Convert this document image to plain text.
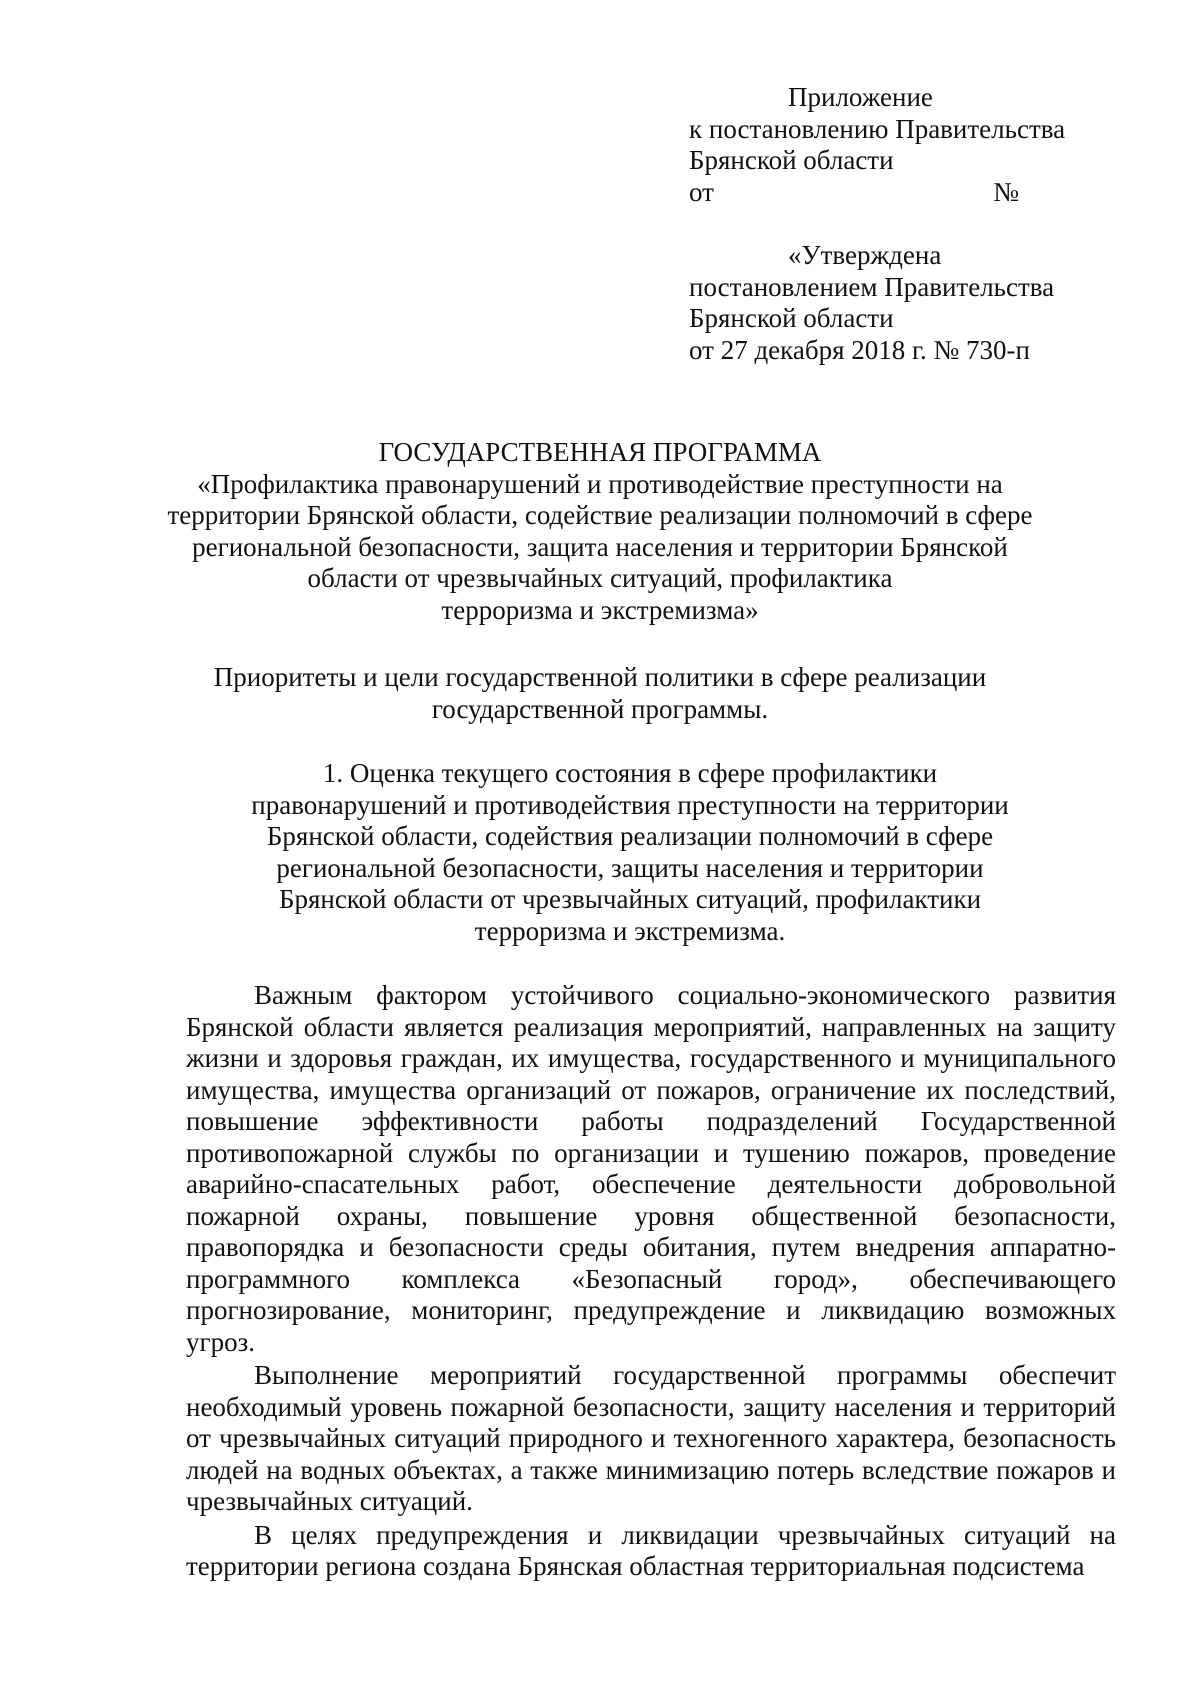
Приложение
к постановлению Правительства
Брянской области
от	№
«Утверждена
постановлением Правительства
Брянской области
от 27 декабря 2018 г. № 730-п
ГОСУДАРСТВЕННАЯ ПРОГРАММА
«Профилактика правонарушений и противодействие преступности на
территории Брянской области, содействие реализации полномочий в сфере
региональной безопасности, защита населения и территории Брянской
области от чрезвычайных ситуаций, профилактика
терроризма и экстремизма»
Приоритеты и цели государственной политики в сфере реализации
государственной программы.
1. Оценка текущего состояния в сфере профилактики
правонарушений и противодействия преступности на территории
Брянской области, содействия реализации полномочий в сфере
региональной безопасности, защиты населения и территории
Брянской области от чрезвычайных ситуаций, профилактики
терроризма и экстремизма.

Важным фактором устойчивого социально-экономического развития Брянской области является реализация мероприятий, направленных на защиту жизни и здоровья граждан, их имущества, государственного и муниципального имущества, имущества организаций от пожаров, ограничение их последствий, повышение эффективности работы подразделений Государственной противопожарной службы по организации и тушению пожаров, проведение аварийно-спасательных работ, обеспечение деятельности добровольной пожарной охраны, повышение уровня общественной безопасности, правопорядка и безопасности среды обитания, путем внедрения аппаратно-программного комплекса «Безопасный город», обеспечивающего прогнозирование, мониторинг, предупреждение и ликвидацию возможных угроз.

Выполнение мероприятий государственной программы обеспечит необходимый уровень пожарной безопасности, защиту населения и территорий от чрезвычайных ситуаций природного и техногенного характера, безопасность людей на водных объектах, а также минимизацию потерь вследствие пожаров и чрезвычайных ситуаций.

В целях предупреждения и ликвидации чрезвычайных ситуаций на территории региона создана Брянская областная территориальная подсистема
